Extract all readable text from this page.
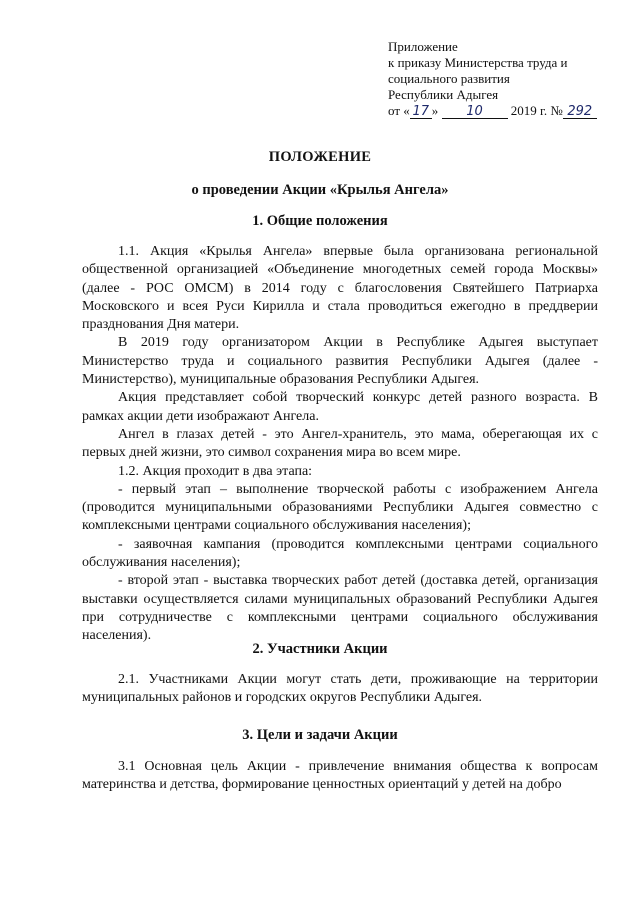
Приложение
к приказу Министерства труда и
социального развития
Республики Адыгея
от « 17 » 10 2019 г. № 292
ПОЛОЖЕНИЕ
о проведении Акции «Крылья Ангела»
1. Общие положения

1.1. Акция «Крылья Ангела» впервые была организована региональной общественной организацией «Объединение многодетных семей города Москвы» (далее - РОС ОМСМ) в 2014 году с благословения Святейшего Патриарха Московского и всея Руси Кирилла и стала проводиться ежегодно в преддверии празднования Дня матери.

В 2019 году организатором Акции в Республике Адыгея выступает Министерство труда и социального развития Республики Адыгея (далее - Министерство), муниципальные образования Республики Адыгея.

Акция представляет собой творческий конкурс детей разного возраста. В рамках акции дети изображают Ангела.

Ангел в глазах детей - это Ангел-хранитель, это мама, оберегающая их с первых дней жизни, это символ сохранения мира во всем мире.

1.2. Акция проходит в два этапа:

- первый этап – выполнение творческой работы с изображением Ангела (проводится муниципальными образованиями Республики Адыгея совместно с комплексными центрами социального обслуживания населения);

- заявочная кампания (проводится комплексными центрами социального обслуживания населения);

- второй этап - выставка творческих работ детей (доставка детей, организация выставки осуществляется силами муниципальных образований Республики Адыгея при сотрудничестве с комплексными центрами социального обслуживания населения).

2. Участники Акции

2.1. Участниками Акции могут стать дети, проживающие на территории муниципальных районов и городских округов Республики Адыгея.

3. Цели и задачи Акции

3.1 Основная цель Акции - привлечение внимания общества к вопросам материнства и детства, формирование ценностных ориентаций у детей на добро
